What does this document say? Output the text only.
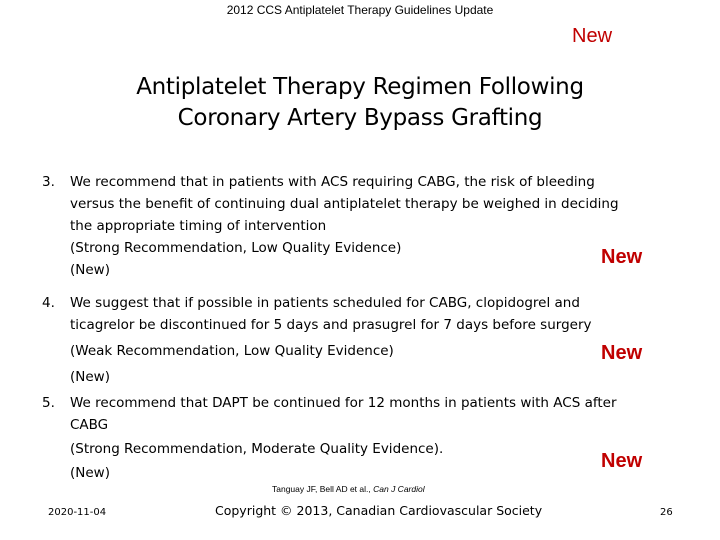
2012 CCS Antiplatelet Therapy Guidelines Update
New
Antiplatelet Therapy Regimen Following
Coronary Artery Bypass Grafting
3. We recommend that in patients with ACS requiring CABG, the risk of bleeding
versus the benefit of continuing dual antiplatelet therapy be weighed in deciding
the appropriate timing of intervention
(Strong Recommendation, Low Quality Evidence)
(New)
New
4. We suggest that if possible in patients scheduled for CABG, clopidogrel and
ticagrelor be discontinued for 5 days and prasugrel for 7 days before surgery
(Weak Recommendation, Low Quality Evidence)
(New)
New
5. We recommend that DAPT be continued for 12 months in patients with ACS after
CABG
(Strong Recommendation, Moderate Quality Evidence).
(New)
New
Tanguay JF, Bell AD et al., Can J Cardiol
2020-11-04	Copyright © 2013, Canadian Cardiovascular Society	26
